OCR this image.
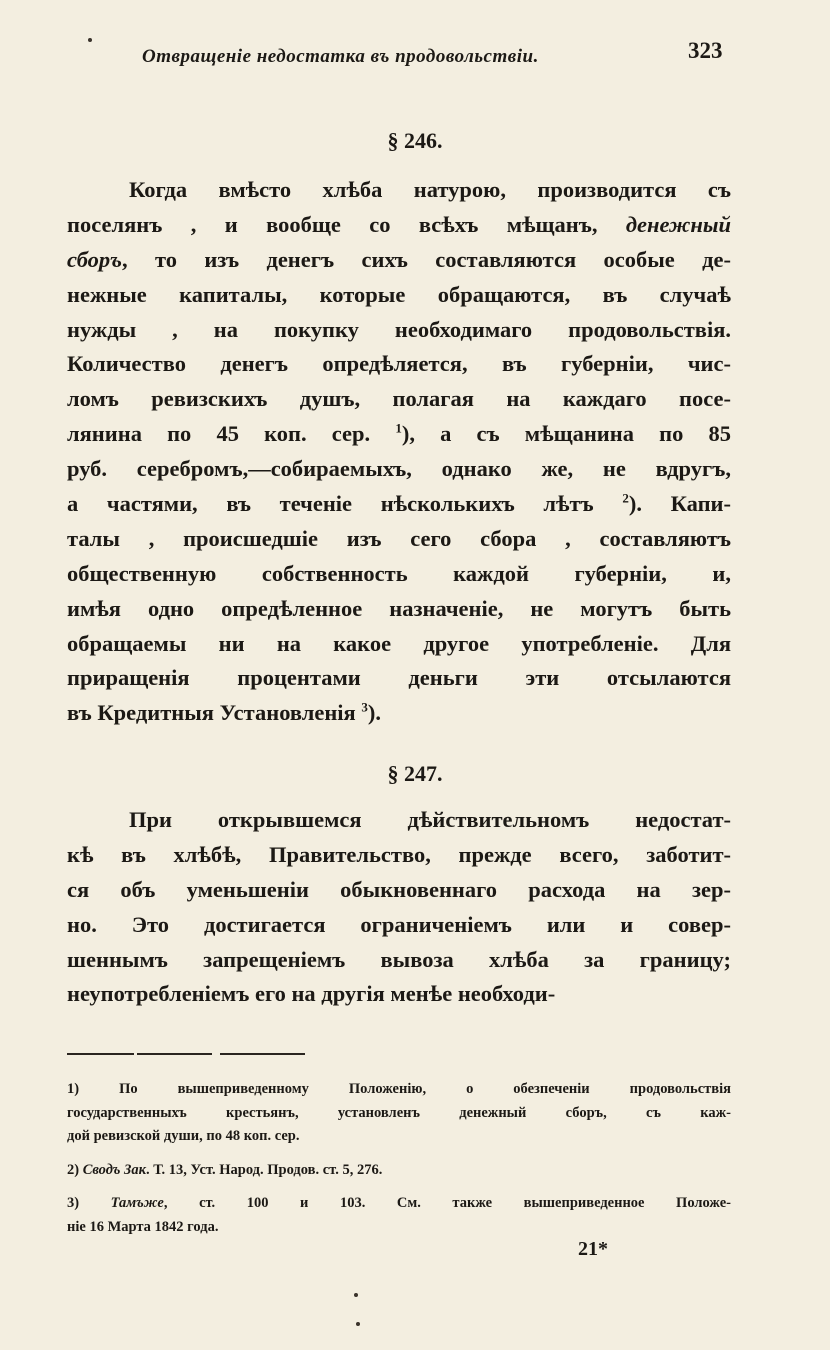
Отвращеніе недостатка въ продовольствіи.	323
§ 246.
Когда вмѣсто хлѣба натурою, производится съ
поселянъ , и вообще со всѣхъ мѣщанъ, денежный
сборъ, то изъ денегъ сихъ составляются особые де-
нежные капиталы, которые обращаются, въ случаѣ
нужды , на покупку необходимаго продовольствія.
Количество денегъ опредѣляется, въ губерніи, чис-
ломъ ревизскихъ душъ, полагая на каждаго посе-
лянина по 45 коп. сер. $^1$), а съ мѣщанина по 85
руб. серебромъ,—собираемыхъ, однако же, не вдругъ,
а частями, въ теченіе нѣсколькихъ лѣтъ $^2$). Капи-
талы , происшедшіе изъ сего сбора , составляютъ
общественную собственность каждой губерніи, и,
имѣя одно опредѣленное назначеніе, не могутъ быть
обращаемы ни на какое другое употребленіе. Для
приращенія процентами деньги эти отсылаются
въ Кредитныя Установленія $^3$).
§ 247.
При открывшемся дѣйствительномъ недостат-
кѣ въ хлѣбѣ, Правительство, прежде всего, заботит-
ся объ уменьшеніи обыкновеннаго расхода на зер-
но. Это достигается ограниченіемъ или и совер-
шеннымъ запрещеніемъ вывоза хлѣба за границу;
неупотребленіемъ его на другія менѣе необходи-
1) По вышеприведенному Положенію, о обезпеченіи продовольствія
государственныхъ крестьянъ, установленъ денежный сборъ, съ каж-
дой ревизской души, по 48 коп. сер.
2) Сводъ Зак. Т. 13, Уст. Народ. Продов. ст. 5, 276.
3) Тамъже, ст. 100 и 103. См. также вышеприведенное Положе-
ніе 16 Марта 1842 года.
21*
